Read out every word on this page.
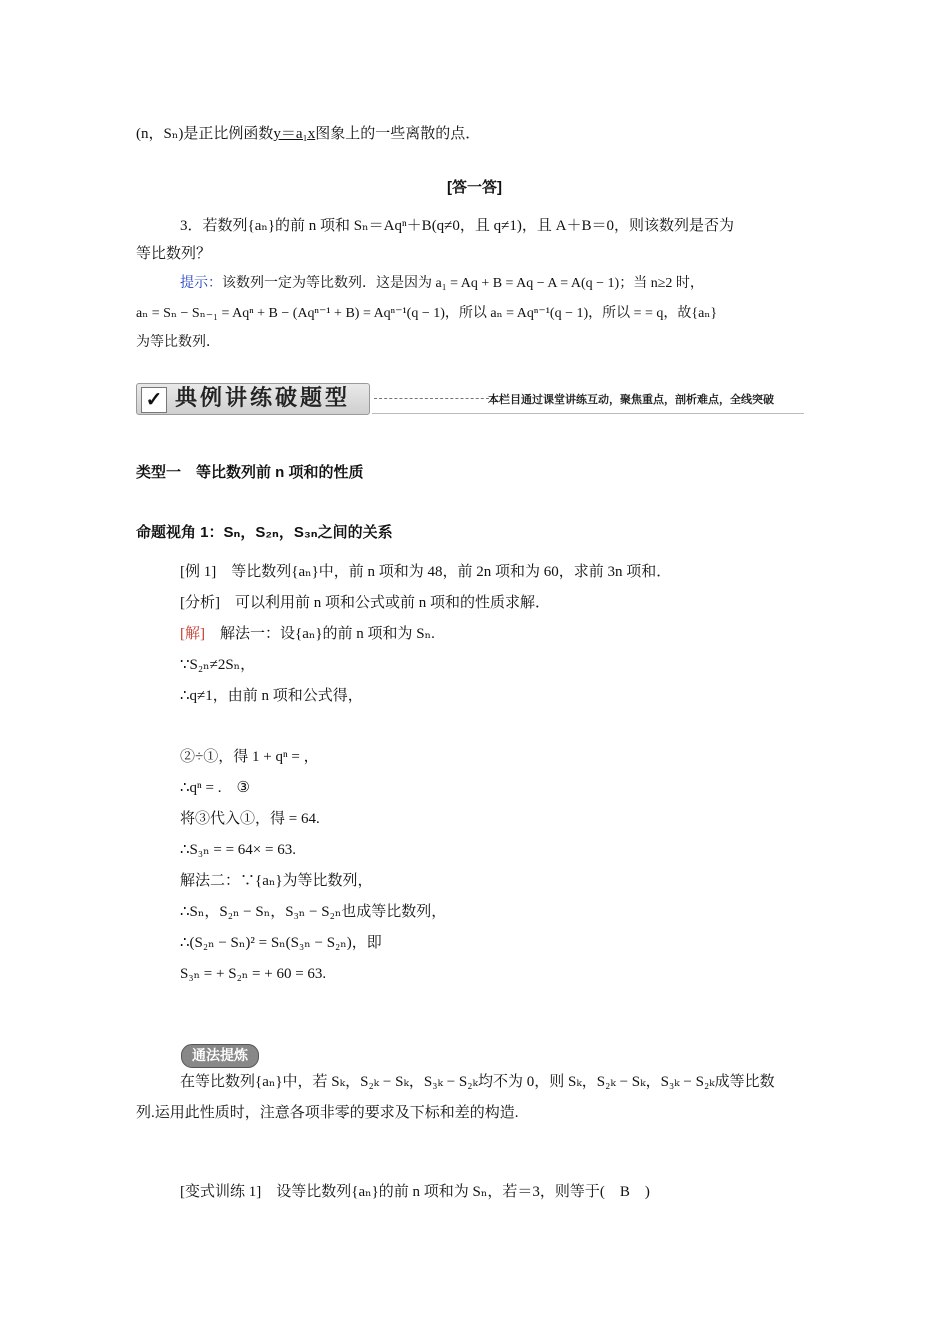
(n，Sₙ)是正比例函数y＝a₁x图象上的一些离散的点．
[答一答]
3．若数列{aₙ}的前 n 项和 Sₙ＝Aqⁿ＋B(q≠0，且 q≠1)，且 A＋B＝0，则该数列是否为
等比数列？
提示：该数列一定为等比数列．这是因为 a₁ = Aq + B = Aq − A = A(q − 1)；当 n≥2 时，
aₙ = Sₙ − Sₙ₋₁ = Aqⁿ + B − (Aqⁿ⁻¹ + B) = Aqⁿ⁻¹(q − 1)，所以 aₙ = Aqⁿ⁻¹(q − 1)，所以 = = q，故{aₙ}
为等比数列．
✓ 典例讲练破题型	本栏目通过课堂讲练互动，聚焦重点，剖析难点，全线突破
类型一　等比数列前 n 项和的性质
命题视角 1：Sₙ，S₂ₙ，S₃ₙ之间的关系
[例 1]　等比数列{aₙ}中，前 n 项和为 48，前 2n 项和为 60，求前 3n 项和．
[分析]　可以利用前 n 项和公式或前 n 项和的性质求解．
[解]　解法一：设{aₙ}的前 n 项和为 Sₙ.
∵S₂ₙ≠2Sₙ，
∴q≠1，由前 n 项和公式得，
②÷①，得 1 + qⁿ = ，
∴qⁿ = .　③
将③代入①，得 = 64.
∴S₃ₙ = = 64× = 63.
解法二：∵{aₙ}为等比数列，
∴Sₙ，S₂ₙ − Sₙ，S₃ₙ − S₂ₙ也成等比数列，
∴(S₂ₙ − Sₙ)² = Sₙ(S₃ₙ − S₂ₙ)，即
S₃ₙ = + S₂ₙ = + 60 = 63.
通法提炼
在等比数列{aₙ}中，若 Sₖ，S₂ₖ − Sₖ，S₃ₖ − S₂ₖ均不为 0，则 Sₖ，S₂ₖ − Sₖ，S₃ₖ − S₂ₖ成等比数
列.运用此性质时，注意各项非零的要求及下标和差的构造.
[变式训练 1]　设等比数列{aₙ}的前 n 项和为 Sₙ，若＝3，则等于(　B　)
